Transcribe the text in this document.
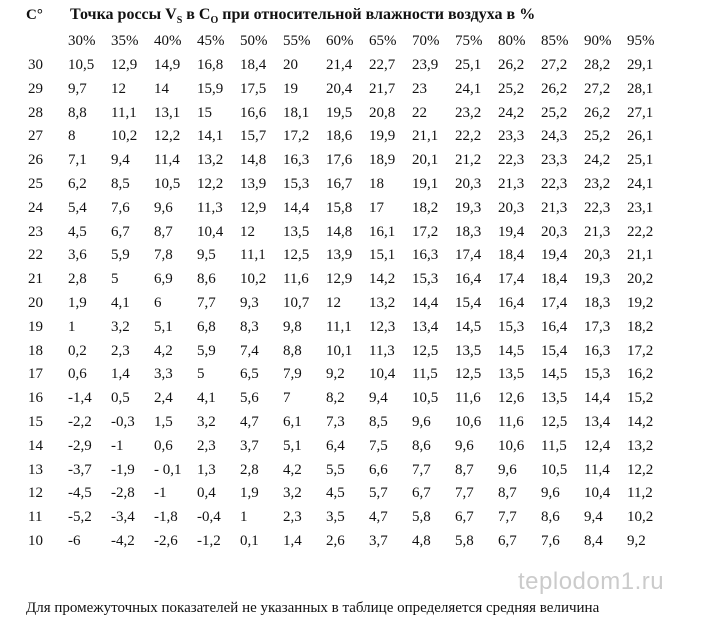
C° Точка россы $V_S$ в $C_O$ при относительной влажности воздуха в %
30% 35% 40% 45% 50% 55% 60% 65% 70% 75% 80% 85% 90% 95%
30 10,5 12,9 14,9 16,8 18,4 20 21,4 22,7 23,9 25,1 26,2 27,2 28,2 29,1
29 9,7 12 14 15,9 17,5 19 20,4 21,7 23 24,1 25,2 26,2 27,2 28,1
28 8,8 11,1 13,1 15 16,6 18,1 19,5 20,8 22 23,2 24,2 25,2 26,2 27,1
27 8 10,2 12,2 14,1 15,7 17,2 18,6 19,9 21,1 22,2 23,3 24,3 25,2 26,1
26 7,1 9,4 11,4 13,2 14,8 16,3 17,6 18,9 20,1 21,2 22,3 23,3 24,2 25,1
25 6,2 8,5 10,5 12,2 13,9 15,3 16,7 18 19,1 20,3 21,3 22,3 23,2 24,1
24 5,4 7,6 9,6 11,3 12,9 14,4 15,8 17 18,2 19,3 20,3 21,3 22,3 23,1
23 4,5 6,7 8,7 10,4 12 13,5 14,8 16,1 17,2 18,3 19,4 20,3 21,3 22,2
22 3,6 5,9 7,8 9,5 11,1 12,5 13,9 15,1 16,3 17,4 18,4 19,4 20,3 21,1
21 2,8 5 6,9 8,6 10,2 11,6 12,9 14,2 15,3 16,4 17,4 18,4 19,3 20,2
20 1,9 4,1 6 7,7 9,3 10,7 12 13,2 14,4 15,4 16,4 17,4 18,3 19,2
19 1 3,2 5,1 6,8 8,3 9,8 11,1 12,3 13,4 14,5 15,3 16,4 17,3 18,2
18 0,2 2,3 4,2 5,9 7,4 8,8 10,1 11,3 12,5 13,5 14,5 15,4 16,3 17,2
17 0,6 1,4 3,3 5 6,5 7,9 9,2 10,4 11,5 12,5 13,5 14,5 15,3 16,2
16 -1,4 0,5 2,4 4,1 5,6 7 8,2 9,4 10,5 11,6 12,6 13,5 14,4 15,2
15 -2,2 -0,3 1,5 3,2 4,7 6,1 7,3 8,5 9,6 10,6 11,6 12,5 13,4 14,2
14 -2,9 -1 0,6 2,3 3,7 5,1 6,4 7,5 8,6 9,6 10,6 11,5 12,4 13,2
13 -3,7 -1,9 - 0,1 1,3 2,8 4,2 5,5 6,6 7,7 8,7 9,6 10,5 11,4 12,2
12 -4,5 -2,8 -1 0,4 1,9 3,2 4,5 5,7 6,7 7,7 8,7 9,6 10,4 11,2
11 -5,2 -3,4 -1,8 -0,4 1 2,3 3,5 4,7 5,8 6,7 7,7 8,6 9,4 10,2
10 -6 -4,2 -2,6 -1,2 0,1 1,4 2,6 3,7 4,8 5,8 6,7 7,6 8,4 9,2
Для промежуточных показателей не указанных в таблице определяется средняя величина
teplodom1.ru
